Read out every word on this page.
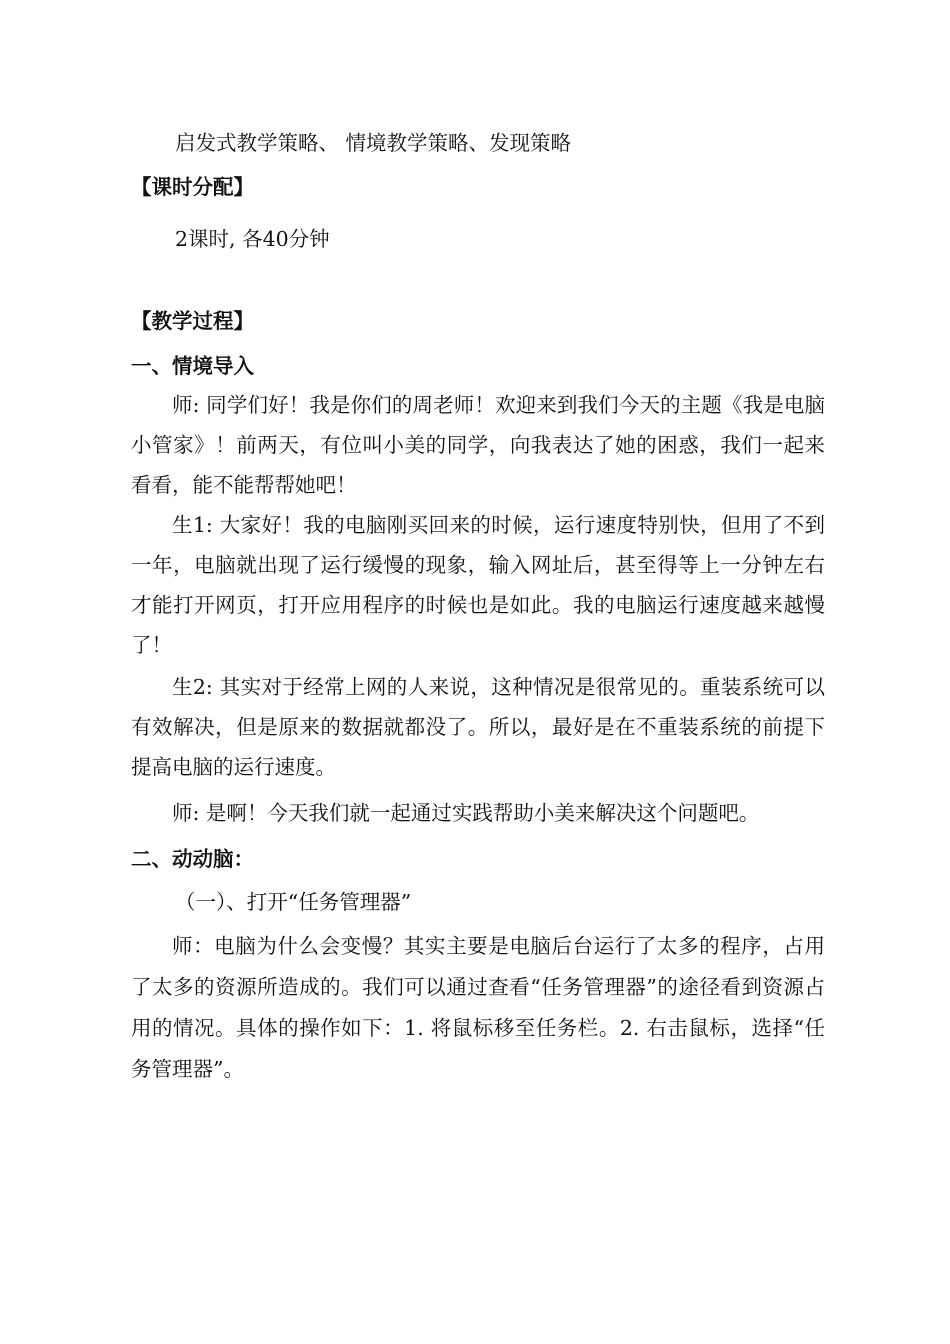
启发式教学策略、 情境教学策略、发现策略
【课时分配】
2课时, 各40分钟
【教学过程】
一、情境导入
师: 同学们好！我是你们的周老师！欢迎来到我们今天的主题《我是电脑小管家》！前两天，有位叫小美的同学，向我表达了她的困惑，我们一起来看看，能不能帮帮她吧！
生1: 大家好！我的电脑刚买回来的时候，运行速度特别快，但用了不到一年，电脑就出现了运行缓慢的现象，输入网址后，甚至得等上一分钟左右才能打开网页，打开应用程序的时候也是如此。我的电脑运行速度越来越慢了！
生2: 其实对于经常上网的人来说，这种情况是很常见的。重装系统可以有效解决，但是原来的数据就都没了。所以，最好是在不重装系统的前提下提高电脑的运行速度。
师: 是啊！今天我们就一起通过实践帮助小美来解决这个问题吧。
二、动动脑：
（一）、打开“任务管理器”
师：电脑为什么会变慢？其实主要是电脑后台运行了太多的程序，占用了太多的资源所造成的。我们可以通过查看“任务管理器”的途径看到资源占用的情况。具体的操作如下：1. 将鼠标移至任务栏。2. 右击鼠标，选择“任务管理器”。
